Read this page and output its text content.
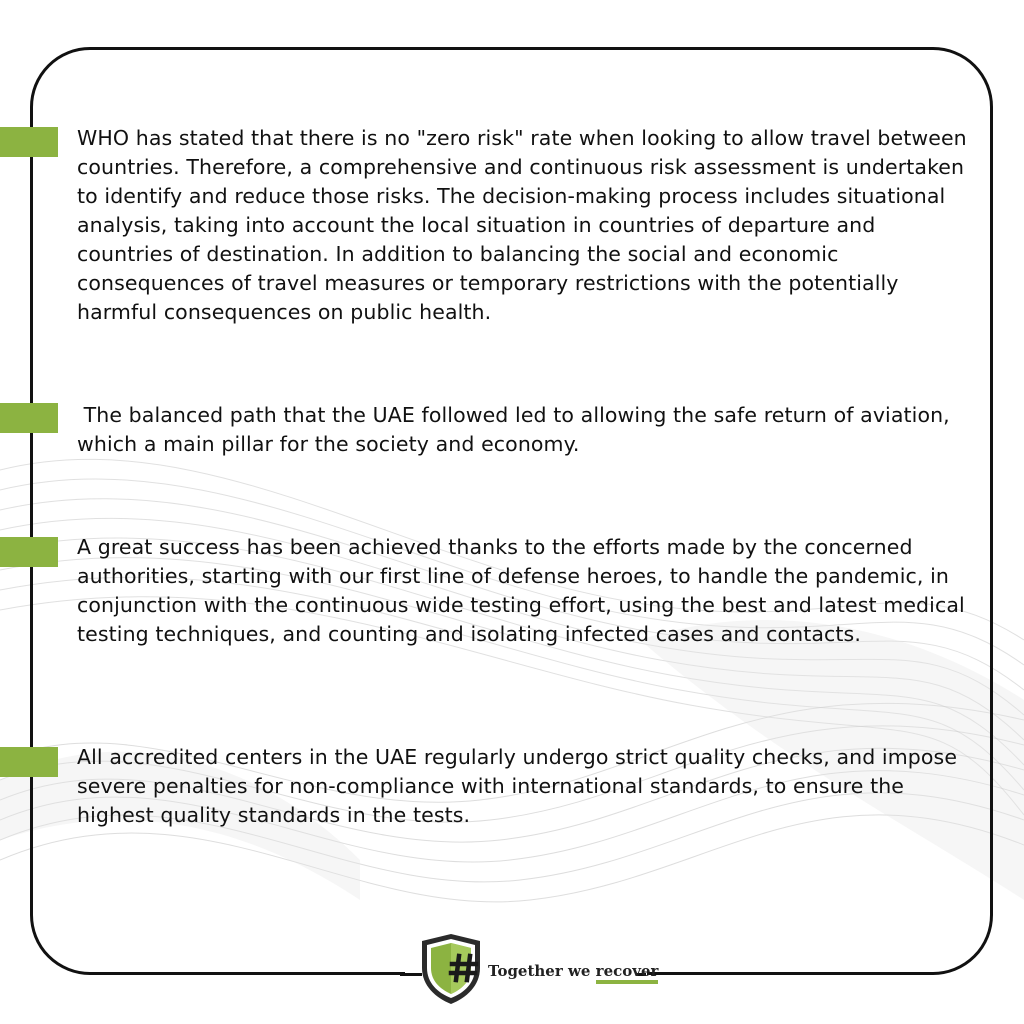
WHO has stated that there is no "zero risk" rate when looking to allow travel between countries. Therefore, a comprehensive and continuous risk assessment is undertaken to identify and reduce those risks. The decision-making process includes situational analysis, taking into account the local situation in countries of departure and countries of destination. In addition to balancing the social and economic consequences of travel measures or temporary restrictions with the potentially harmful consequences on public health.

The balanced path that the UAE followed led to allowing the safe return of aviation, which a main pillar for the society and economy.

A great success has been achieved thanks to the efforts made by the concerned authorities, starting with our first line of defense heroes, to handle the pandemic, in conjunction with the continuous wide testing effort, using the best and latest medical testing techniques, and counting and isolating infected cases and contacts.

All accredited centers in the UAE regularly undergo strict quality checks, and impose severe penalties for non-compliance with international standards, to ensure the highest quality standards in the tests.

Together we recover
